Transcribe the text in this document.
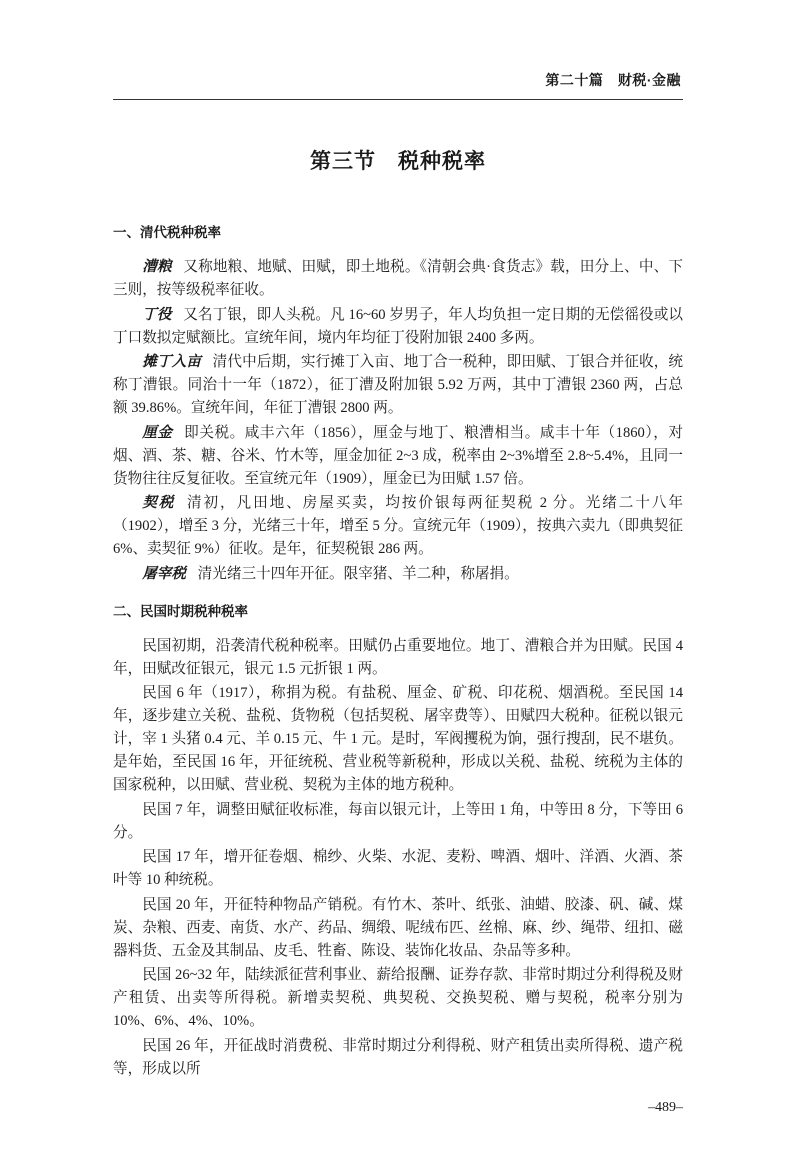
第二十篇　财税·金融
第三节　税种税率
一、清代税种税率

漕粮 又称地粮、地赋、田赋，即土地税。《清朝会典·食货志》载，田分上、中、下三则，按等级税率征收。

丁役 又名丁银，即人头税。凡 16~60 岁男子，年人均负担一定日期的无偿徭役或以丁口数拟定赋额比。宣统年间，境内年均征丁役附加银 2400 多两。

摊丁入亩 清代中后期，实行摊丁入亩、地丁合一税种，即田赋、丁银合并征收，统称丁漕银。同治十一年（1872），征丁漕及附加银 5.92 万两，其中丁漕银 2360 两，占总额 39.86%。宣统年间，年征丁漕银 2800 两。

厘金 即关税。咸丰六年（1856），厘金与地丁、粮漕相当。咸丰十年（1860），对烟、酒、茶、糖、谷米、竹木等，厘金加征 2~3 成，税率由 2~3%增至 2.8~5.4%，且同一货物往往反复征收。至宣统元年（1909），厘金已为田赋 1.57 倍。

契税 清初，凡田地、房屋买卖，均按价银每两征契税 2 分。光绪二十八年（1902），增至 3 分，光绪三十年，增至 5 分。宣统元年（1909），按典六卖九（即典契征 6%、卖契征 9%）征收。是年，征契税银 286 两。

屠宰税 清光绪三十四年开征。限宰猪、羊二种，称屠捐。

二、民国时期税种税率

民国初期，沿袭清代税种税率。田赋仍占重要地位。地丁、漕粮合并为田赋。民国 4 年，田赋改征银元，银元 1.5 元折银 1 两。

民国 6 年（1917），称捐为税。有盐税、厘金、矿税、印花税、烟酒税。至民国 14 年，逐步建立关税、盐税、货物税（包括契税、屠宰费等）、田赋四大税种。征税以银元计，宰 1 头猪 0.4 元、羊 0.15 元、牛 1 元。是时，军阀攫税为饷，强行搜刮，民不堪负。是年始，至民国 16 年，开征统税、营业税等新税种，形成以关税、盐税、统税为主体的国家税种，以田赋、营业税、契税为主体的地方税种。

民国 7 年，调整田赋征收标准，每亩以银元计，上等田 1 角，中等田 8 分，下等田 6 分。

民国 17 年，增开征卷烟、棉纱、火柴、水泥、麦粉、啤酒、烟叶、洋酒、火酒、茶叶等 10 种统税。

民国 20 年，开征特种物品产销税。有竹木、茶叶、纸张、油蜡、胶漆、矾、碱、煤炭、杂粮、西麦、南货、水产、药品、绸缎、呢绒布匹、丝棉、麻、纱、绳带、纽扣、磁器料货、五金及其制品、皮毛、牲畜、陈设、装饰化妆品、杂品等多种。

民国 26~32 年，陆续派征营利事业、薪给报酬、证券存款、非常时期过分利得税及财产租赁、出卖等所得税。新增卖契税、典契税、交换契税、赠与契税，税率分别为 10%、6%、4%、10%。

民国 26 年，开征战时消费税、非常时期过分利得税、财产租赁出卖所得税、遗产税等，形成以所

–489–
